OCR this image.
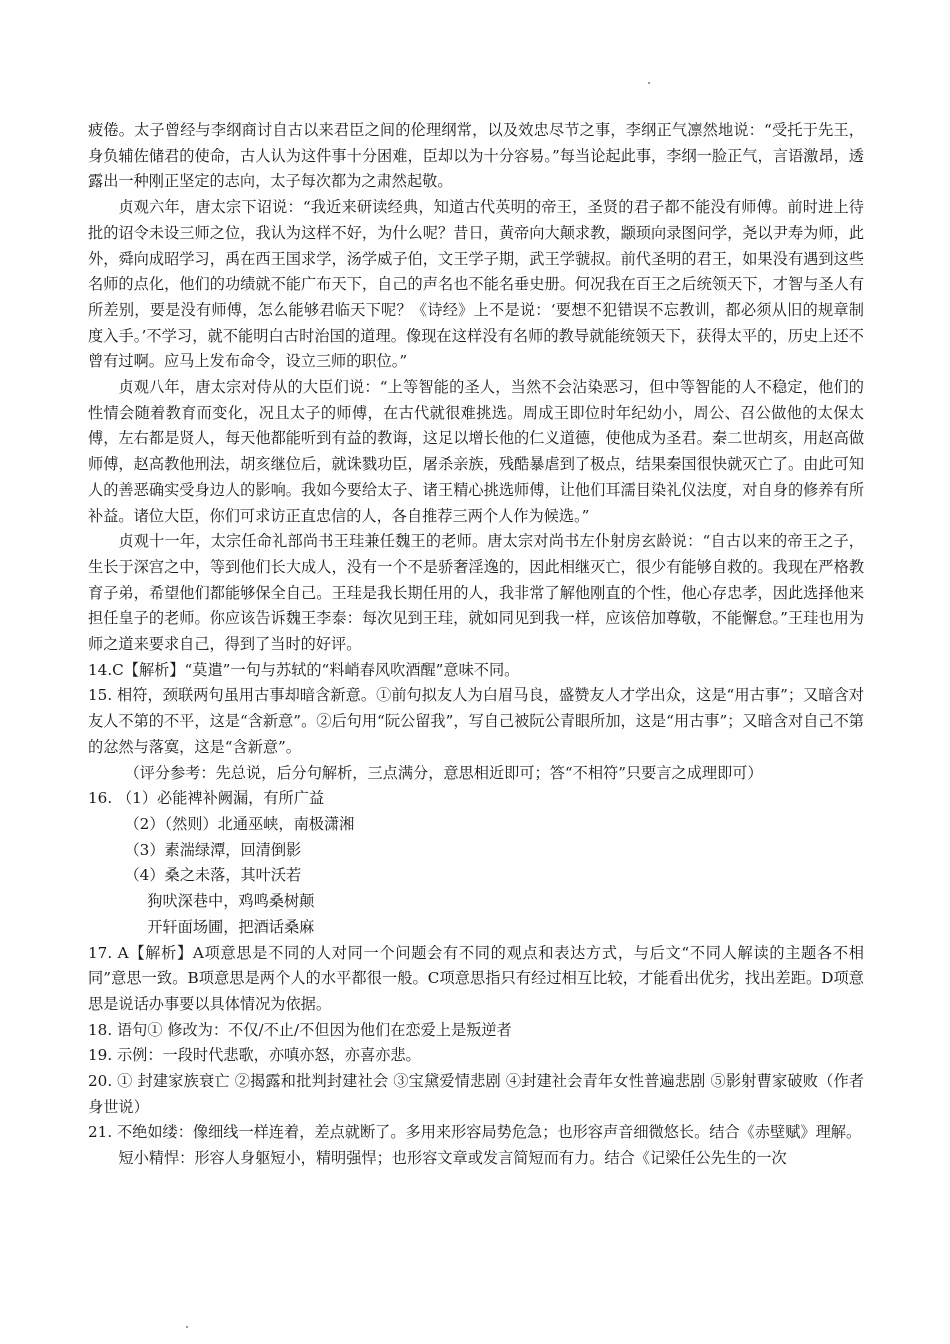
疲倦。太子曾经与李纲商讨自古以来君臣之间的伦理纲常，以及效忠尽节之事，李纲正气凛然地说：“受托于先王，身负辅佐储君的使命，古人认为这件事十分困难，臣却以为十分容易。”每当论起此事，李纲一脸正气，言语激昂，透露出一种刚正坚定的志向，太子每次都为之肃然起敬。

贞观六年，唐太宗下诏说：“我近来研读经典，知道古代英明的帝王，圣贤的君子都不能没有师傅。前时进上待批的诏令未设三师之位，我认为这样不好，为什么呢？昔日，黄帝向大颠求教，颛顼向录图问学，尧以尹寿为师，此外，舜向成昭学习，禹在西王国求学，汤学威子伯，文王学子期，武王学虢叔。前代圣明的君王，如果没有遇到这些名师的点化，他们的功绩就不能广布天下，自己的声名也不能名垂史册。何况我在百王之后统领天下，才智与圣人有所差别，要是没有师傅，怎么能够君临天下呢？《诗经》上不是说：‘要想不犯错误不忘教训，都必须从旧的规章制度入手。’不学习，就不能明白古时治国的道理。像现在这样没有名师的教导就能统领天下，获得太平的，历史上还不曾有过啊。应马上发布命令，设立三师的职位。”

贞观八年，唐太宗对侍从的大臣们说：“上等智能的圣人，当然不会沾染恶习，但中等智能的人不稳定，他们的性情会随着教育而变化，况且太子的师傅，在古代就很难挑选。周成王即位时年纪幼小，周公、召公做他的太保太傅，左右都是贤人，每天他都能听到有益的教诲，这足以增长他的仁义道德，使他成为圣君。秦二世胡亥，用赵高做师傅，赵高教他刑法，胡亥继位后，就诛戮功臣，屠杀亲族，残酷暴虐到了极点，结果秦国很快就灭亡了。由此可知人的善恶确实受身边人的影响。我如今要给太子、诸王精心挑选师傅，让他们耳濡目染礼仪法度，对自身的修养有所补益。诸位大臣，你们可求访正直忠信的人，各自推荐三两个人作为候选。”

贞观十一年，太宗任命礼部尚书王珪兼任魏王的老师。唐太宗对尚书左仆射房玄龄说：“自古以来的帝王之子，生长于深宫之中，等到他们长大成人，没有一个不是骄奢淫逸的，因此相继灭亡，很少有能够自救的。我现在严格教育子弟，希望他们都能够保全自己。王珪是我长期任用的人，我非常了解他刚直的个性，他心存忠孝，因此选择他来担任皇子的老师。你应该告诉魏王李泰：每次见到王珪，就如同见到我一样，应该倍加尊敬，不能懈怠。”王珪也用为师之道来要求自己，得到了当时的好评。

14.C【解析】“莫遣”一句与苏轼的“料峭春风吹酒醒”意味不同。

15. 相符，颈联两句虽用古事却暗含新意。①前句拟友人为白眉马良，盛赞友人才学出众，这是“用古事”；又暗含对友人不第的不平，这是“含新意”。②后句用“阮公留我”，写自己被阮公青眼所加，这是“用古事”；又暗含对自己不第的忿然与落寞，这是“含新意”。

（评分参考：先总说，后分句解析，三点满分，意思相近即可；答“不相符”只要言之成理即可）

16. （1）必能裨补阙漏，有所广益

（2）（然则）北通巫峡，南极潇湘

（3）素湍绿潭，回清倒影

（4）桑之未落，其叶沃若

狗吠深巷中，鸡鸣桑树颠

开轩面场圃，把酒话桑麻

17. A【解析】A项意思是不同的人对同一个问题会有不同的观点和表达方式，与后文“不同人解读的主题各不相同”意思一致。B项意思是两个人的水平都很一般。C项意思指只有经过相互比较，才能看出优劣，找出差距。D项意思是说话办事要以具体情况为依据。

18. 语句① 修改为：不仅/不止/不但因为他们在恋爱上是叛逆者

19. 示例：一段时代悲歌，亦嗔亦怒，亦喜亦悲。

20. ① 封建家族衰亡 ②揭露和批判封建社会 ③宝黛爱情悲剧 ④封建社会青年女性普遍悲剧 ⑤影射曹家破败（作者身世说）

21. 不绝如缕：像细线一样连着，差点就断了。多用来形容局势危急；也形容声音细微悠长。结合《赤壁赋》理解。

短小精悍：形容人身躯短小，精明强悍；也形容文章或发言简短而有力。结合《记梁任公先生的一次
